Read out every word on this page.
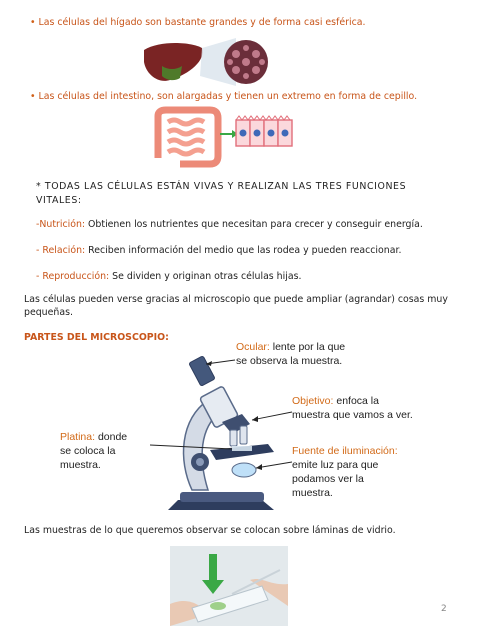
• Las células del hígado son bastante grandes y de forma casi esférica.
• Las células del intestino, son alargadas y tienen un extremo en forma de cepillo.
* TODAS LAS CÉLULAS ESTÁN VIVAS Y REALIZAN LAS TRES FUNCIONES
VITALES:
-Nutrición: Obtienen los nutrientes que necesitan para crecer y conseguir energía.
- Relación: Reciben información del medio que las rodea y pueden reaccionar.
- Reproducción: Se dividen y originan otras células hijas.
Las células pueden verse gracias al microscopio que puede ampliar (agrandar) cosas muy
pequeñas.
PARTES DEL MICROSCOPIO:
Ocular: lente por la que
se observa la muestra.
Objetivo: enfoca la
muestra que vamos a ver.
Platina: donde
se coloca la
muestra.
Fuente de iluminación:
emite luz para que
podamos ver la
muestra.
Las muestras de lo que queremos observar se colocan sobre láminas de vidrio.
2
